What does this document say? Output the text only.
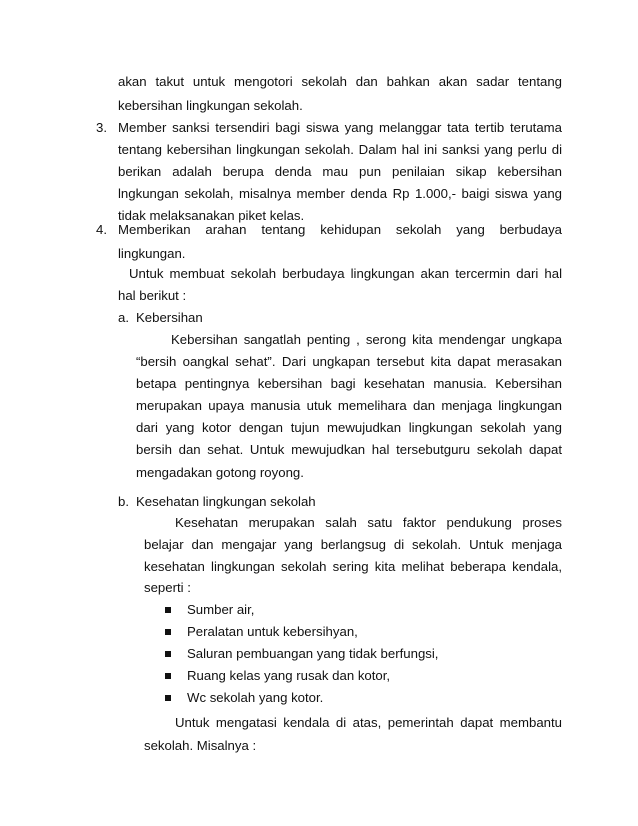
akan takut untuk mengotori sekolah dan bahkan akan sadar tentang
kebersihan lingkungan sekolah.
3. Member sanksi tersendiri bagi siswa yang melanggar tata tertib terutama
tentang kebersihan lingkungan sekolah. Dalam hal ini sanksi yang perlu di
berikan adalah berupa denda mau pun penilaian sikap kebersihan
lngkungan sekolah, misalnya member denda Rp 1.000,- baigi siswa yang
tidak melaksanakan piket kelas.
4. Memberikan arahan tentang kehidupan sekolah yang berbudaya
lingkungan.
Untuk membuat sekolah berbudaya lingkungan akan tercermin dari hal
hal berikut :
a. Kebersihan
Kebersihan sangatlah penting , serong kita mendengar ungkapa
“bersih oangkal sehat”. Dari ungkapan tersebut kita dapat merasakan
betapa pentingnya kebersihan bagi kesehatan manusia. Kebersihan
merupakan upaya manusia utuk memelihara dan menjaga lingkungan
dari yang kotor dengan tujun mewujudkan lingkungan sekolah yang
bersih dan sehat. Untuk mewujudkan hal tersebutguru sekolah dapat
mengadakan gotong royong.
b. Kesehatan lingkungan sekolah
Kesehatan merupakan salah satu faktor pendukung proses
belajar dan mengajar yang berlangsug di sekolah. Untuk menjaga
kesehatan lingkungan sekolah sering kita melihat beberapa kendala,
seperti :
Sumber air,
Peralatan untuk kebersihyan,
Saluran pembuangan yang tidak berfungsi,
Ruang kelas yang rusak dan kotor,
Wc sekolah yang kotor.
Untuk mengatasi kendala di atas, pemerintah dapat membantu
sekolah. Misalnya :
